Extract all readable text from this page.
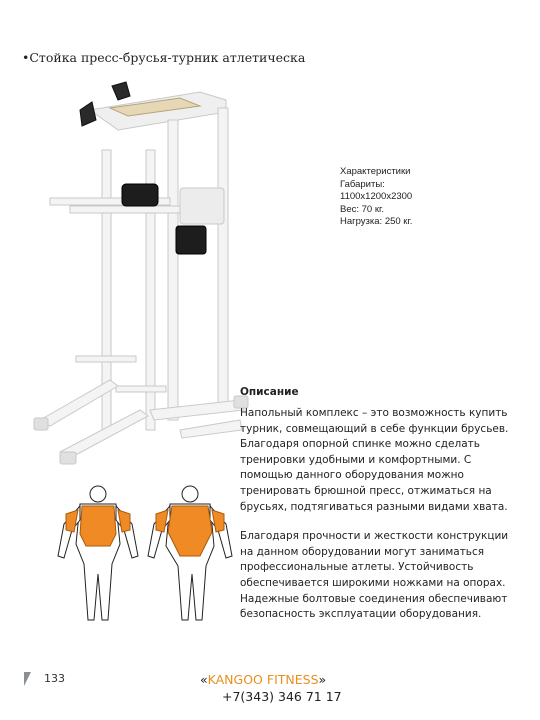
•Стойка пресс-брусья-турник атлетическа
Характеристики
Габариты:
1100х1200х2300
Вес: 70 кг.
Нагрузка: 250 кг.
Описание

Напольный комплекс – это возможность купить турник, совмещающий в себе функции брусьев. Благодаря опорной спинке можно сделать тренировки удобными и комфортными. С помощью данного оборудования можно тренировать брюшной пресс, отжиматься на брусьях, подтягиваться разными видами хвата.

Благодаря прочности и жесткости конструкции на данном оборудовании могут заниматься профессиональные атлеты. Устойчивость обеспечивается широкими ножками на опорах. Надежные болтовые соединения обеспечивают безопасность эксплуатации оборудования.

133	«KANGOO FITNESS»
+7(343) 346 71 17
